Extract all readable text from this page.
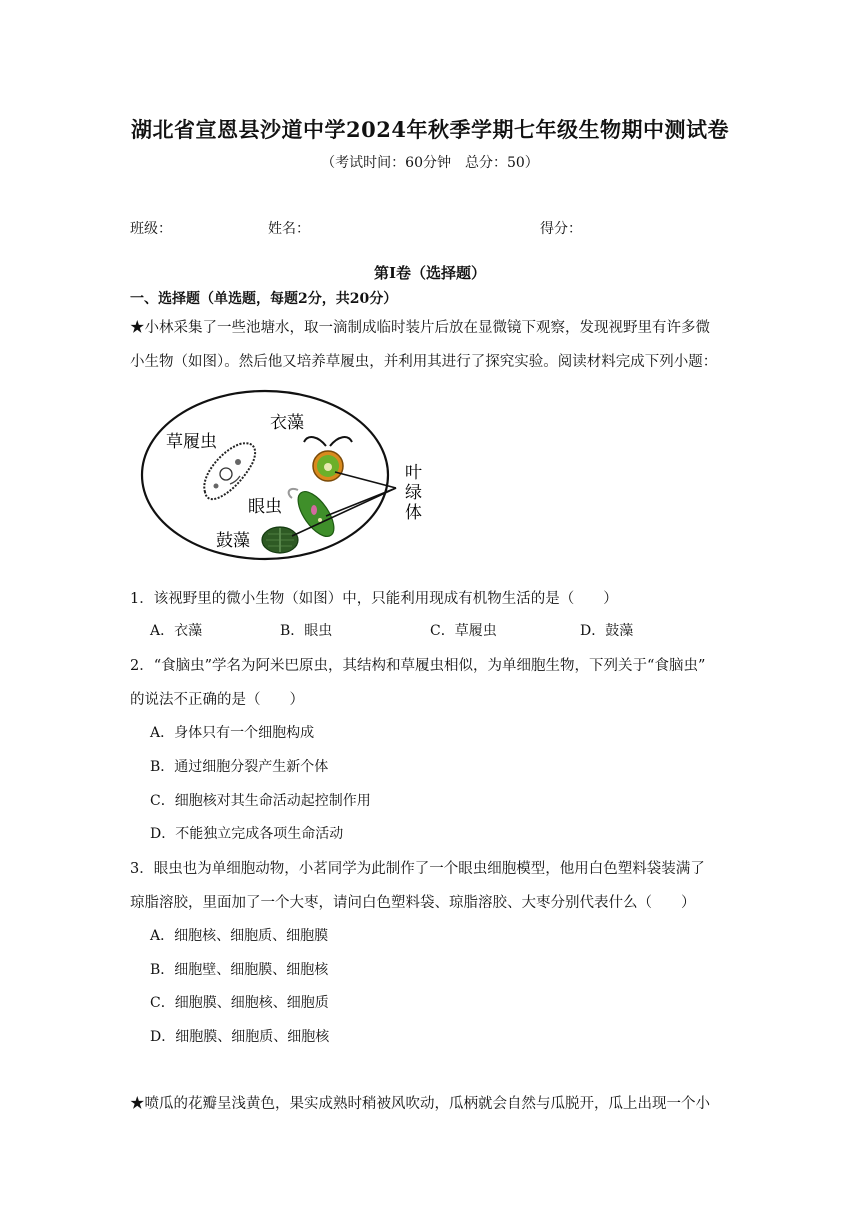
湖北省宣恩县沙道中学2024年秋季学期七年级生物期中测试卷
（考试时间：60分钟　总分：50）
班级：	姓名：	得分：
第Ⅰ卷（选择题）
一、选择题（单选题，每题2分，共20分）
★小林采集了一些池塘水，取一滴制成临时装片后放在显微镜下观察，发现视野里有许多微
小生物（如图）。然后他又培养草履虫，并利用其进行了探究实验。阅读材料完成下列小题：
草履虫
衣藻
眼虫
鼓藻
叶
绿
体
1．该视野里的微小生物（如图）中，只能利用现成有机物生活的是（　　）
A．衣藻	B．眼虫	C．草履虫	D．鼓藻
2．“食脑虫”学名为阿米巴原虫，其结构和草履虫相似，为单细胞生物，下列关于“食脑虫”
的说法不正确的是（　　）
A．身体只有一个细胞构成
B．通过细胞分裂产生新个体
C．细胞核对其生命活动起控制作用
D．不能独立完成各项生命活动
3．眼虫也为单细胞动物，小茗同学为此制作了一个眼虫细胞模型，他用白色塑料袋装满了
琼脂溶胶，里面加了一个大枣，请问白色塑料袋、琼脂溶胶、大枣分别代表什么（　　）
A．细胞核、细胞质、细胞膜
B．细胞壁、细胞膜、细胞核
C．细胞膜、细胞核、细胞质
D．细胞膜、细胞质、细胞核
★喷瓜的花瓣呈浅黄色，果实成熟时稍被风吹动，瓜柄就会自然与瓜脱开，瓜上出现一个小
